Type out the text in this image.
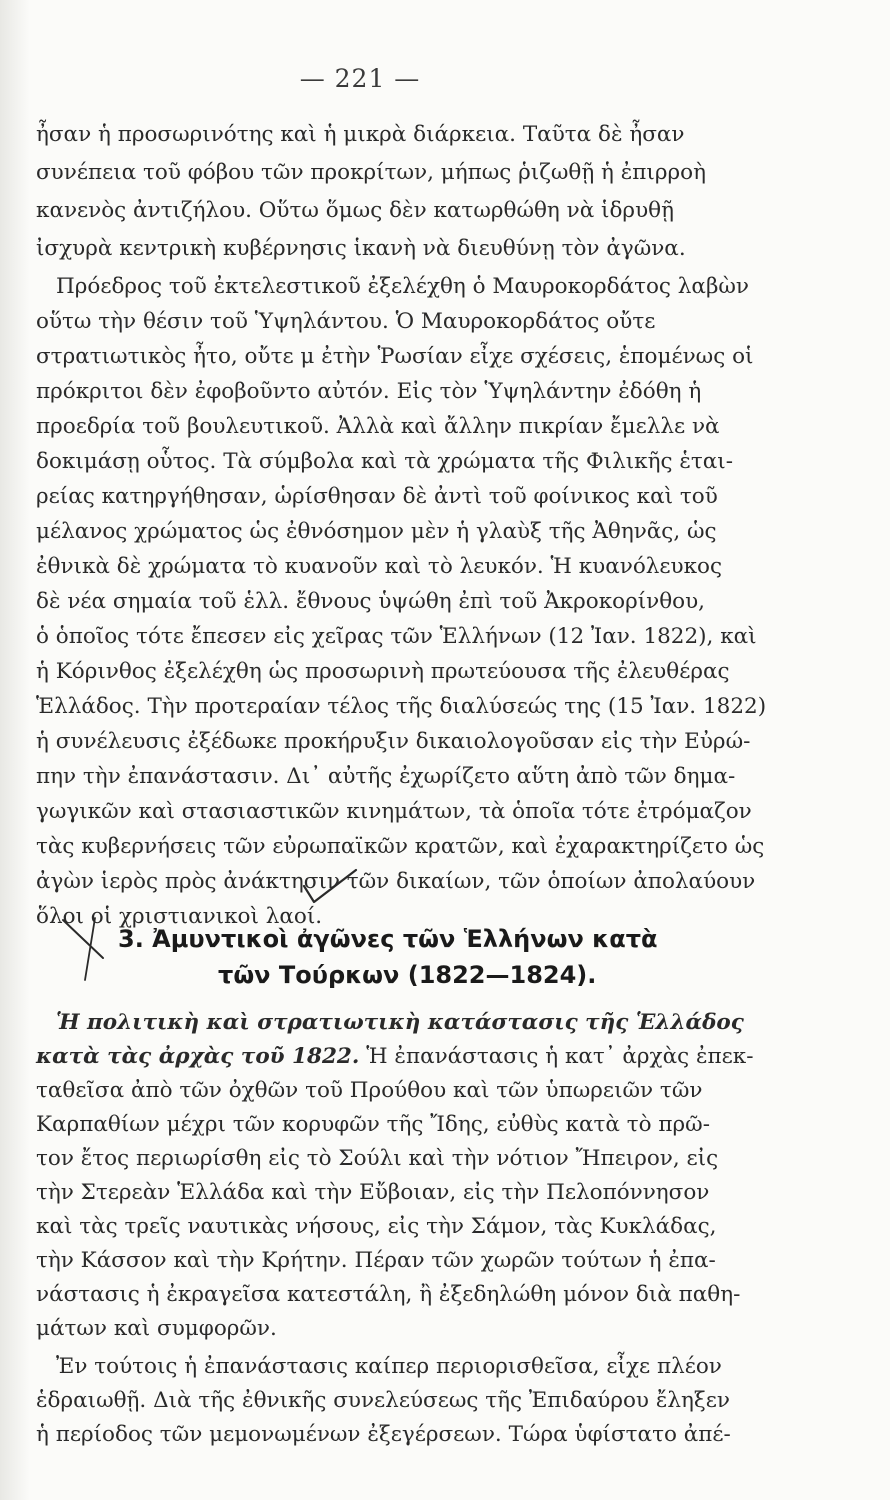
— 221 —
ἦσαν ἡ προσωρινότης καὶ ἡ μικρὰ διάρκεια. Ταῦτα δὲ ἦσαν
συνέπεια τοῦ φόβου τῶν προκρίτων, μήπως ῥιζωθῇ ἡ ἐπιρροὴ
κανενὸς ἀντιζήλου. Οὕτω ὅμως δὲν κατωρθώθη νὰ ἱδρυθῇ
ἰσχυρὰ κεντρικὴ κυβέρνησις ἱκανὴ νὰ διευθύνῃ τὸν ἀγῶνα.
Πρόεδρος τοῦ ἐκτελεστικοῦ ἐξελέχθη ὁ Μαυροκορδάτος λαβὼν
οὕτω τὴν θέσιν τοῦ Ὑψηλάντου. Ὁ Μαυροκορδάτος οὔτε
στρατιωτικὸς ἦτο, οὔτε μ ἐτὴν Ῥωσίαν εἶχε σχέσεις, ἑπομένως οἱ
πρόκριτοι δὲν ἐφοβοῦντο αὐτόν. Εἰς τὸν Ὑψηλάντην ἐδόθη ἡ
προεδρία τοῦ βουλευτικοῦ. Ἀλλὰ καὶ ἄλλην πικρίαν ἔμελλε νὰ
δοκιμάσῃ οὗτος. Τὰ σύμβολα καὶ τὰ χρώματα τῆς Φιλικῆς ἑται-
ρείας κατηργήθησαν, ὡρίσθησαν δὲ ἀντὶ τοῦ φοίνικος καὶ τοῦ
μέλανος χρώματος ὡς ἐθνόσημον μὲν ἡ γλαὺξ τῆς Ἀθηνᾶς, ὡς
ἐθνικὰ δὲ χρώματα τὸ κυανοῦν καὶ τὸ λευκόν. Ἡ κυανόλευκος
δὲ νέα σημαία τοῦ ἑλλ. ἔθνους ὑψώθη ἐπὶ τοῦ Ἀκροκορίνθου,
ὁ ὁποῖος τότε ἔπεσεν εἰς χεῖρας τῶν Ἑλλήνων (12 Ἰαν. 1822), καὶ
ἡ Κόρινθος ἐξελέχθη ὡς προσωρινὴ πρωτεύουσα τῆς ἐλευθέρας
Ἑλλάδος. Τὴν προτεραίαν τέλος τῆς διαλύσεώς της (15 Ἰαν. 1822)
ἡ συνέλευσις ἐξέδωκε προκήρυξιν δικαιολογοῦσαν εἰς τὴν Εὐρώ-
πην τὴν ἐπανάστασιν. Δι᾽ αὐτῆς ἐχωρίζετο αὕτη ἀπὸ τῶν δημα-
γωγικῶν καὶ στασιαστικῶν κινημάτων, τὰ ὁποῖα τότε ἐτρόμαζον
τὰς κυβερνήσεις τῶν εὐρωπαϊκῶν κρατῶν, καὶ ἐχαρακτηρίζετο ὡς
ἀγὼν ἱερὸς πρὸς ἀνάκτησιν τῶν δικαίων, τῶν ὁποίων ἀπολαύουν
ὅλοι οἱ χριστιανικοὶ λαοί.
3. Ἀμυντικοὶ ἀγῶνες τῶν Ἑλλήνων κατὰ
τῶν Τούρκων (1822—1824).
Ἡ πολιτικὴ καὶ στρατιωτικὴ κατάστασις τῆς Ἑλλάδος
κατὰ τὰς ἀρχὰς τοῦ 1822. Ἡ ἐπανάστασις ἡ κατ᾽ ἀρχὰς ἐπεκ-
ταθεῖσα ἀπὸ τῶν ὀχθῶν τοῦ Προύθου καὶ τῶν ὑπωρειῶν τῶν
Καρπαθίων μέχρι τῶν κορυφῶν τῆς Ἴδης, εὐθὺς κατὰ τὸ πρῶ-
τον ἔτος περιωρίσθη εἰς τὸ Σούλι καὶ τὴν νότιον Ἤπειρον, εἰς
τὴν Στερεὰν Ἑλλάδα καὶ τὴν Εὔβοιαν, εἰς τὴν Πελοπόννησον
καὶ τὰς τρεῖς ναυτικὰς νήσους, εἰς τὴν Σάμον, τὰς Κυκλάδας,
τὴν Κάσσον καὶ τὴν Κρήτην. Πέραν τῶν χωρῶν τούτων ἡ ἐπα-
νάστασις ἡ ἐκραγεῖσα κατεστάλη, ἢ ἐξεδηλώθη μόνον διὰ παθη-
μάτων καὶ συμφορῶν.
Ἐν τούτοις ἡ ἐπανάστασις καίπερ περιορισθεῖσα, εἶχε πλέον
ἑδραιωθῇ. Διὰ τῆς ἐθνικῆς συνελεύσεως τῆς Ἐπιδαύρου ἔληξεν
ἡ περίοδος τῶν μεμονωμένων ἐξεγέρσεων. Τώρα ὑφίστατο ἀπέ-
